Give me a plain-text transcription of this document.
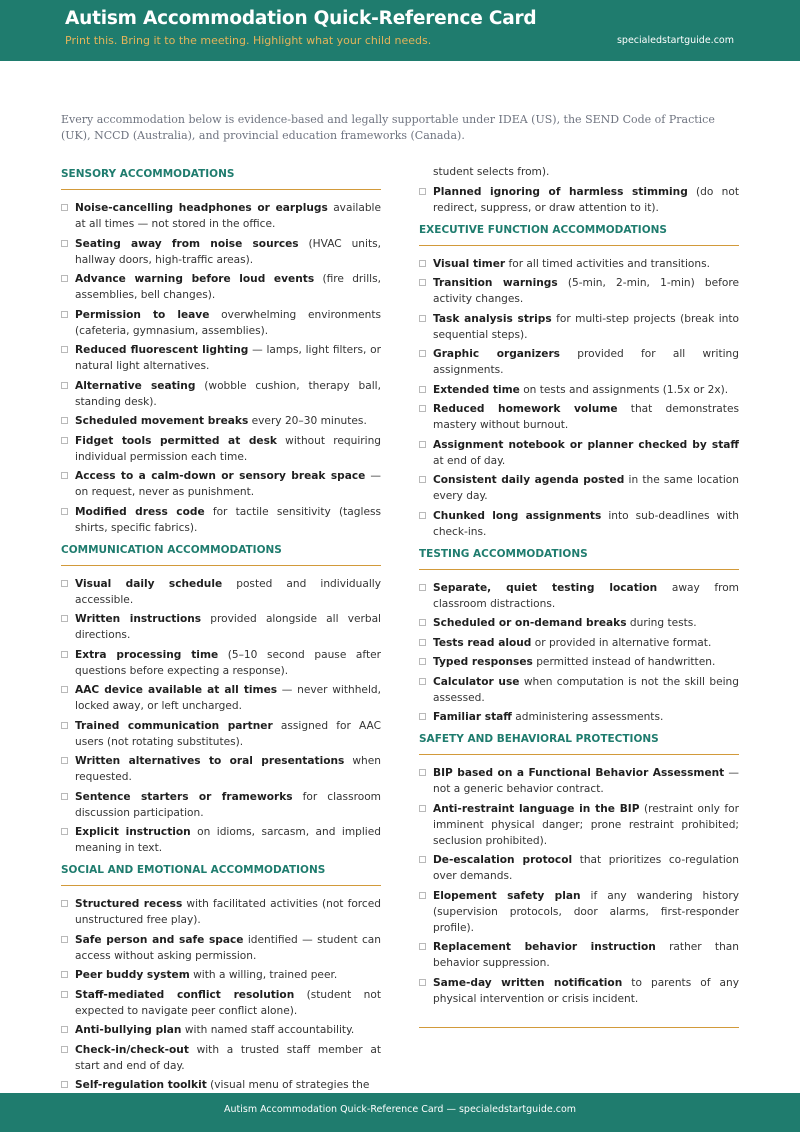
Autism Accommodation Quick-Reference Card
Print this. Bring it to the meeting. Highlight what your child needs.	specialedstartguide.com
Every accommodation below is evidence-based and legally supportable under IDEA (US), the SEND Code of Practice (UK), NCCD (Australia), and provincial education frameworks (Canada).
SENSORY ACCOMMODATIONS
Noise-cancelling headphones or earplugs available at all times — not stored in the office.
Seating away from noise sources (HVAC units, hallway doors, high-traffic areas).
Advance warning before loud events (fire drills, assemblies, bell changes).
Permission to leave overwhelming environments (cafeteria, gymnasium, assemblies).
Reduced fluorescent lighting — lamps, light filters, or natural light alternatives.
Alternative seating (wobble cushion, therapy ball, standing desk).
Scheduled movement breaks every 20–30 minutes.
Fidget tools permitted at desk without requiring individual permission each time.
Access to a calm-down or sensory break space — on request, never as punishment.
Modified dress code for tactile sensitivity (tagless shirts, specific fabrics).
COMMUNICATION ACCOMMODATIONS
Visual daily schedule posted and individually accessible.
Written instructions provided alongside all verbal directions.
Extra processing time (5–10 second pause after questions before expecting a response).
AAC device available at all times — never withheld, locked away, or left uncharged.
Trained communication partner assigned for AAC users (not rotating substitutes).
Written alternatives to oral presentations when requested.
Sentence starters or frameworks for classroom discussion participation.
Explicit instruction on idioms, sarcasm, and implied meaning in text.
SOCIAL AND EMOTIONAL ACCOMMODATIONS
Structured recess with facilitated activities (not forced unstructured free play).
Safe person and safe space identified — student can access without asking permission.
Peer buddy system with a willing, trained peer.
Staff-mediated conflict resolution (student not expected to navigate peer conflict alone).
Anti-bullying plan with named staff accountability.
Check-in/check-out with a trusted staff member at start and end of day.
Self-regulation toolkit (visual menu of strategies the
student selects from).
Planned ignoring of harmless stimming (do not redirect, suppress, or draw attention to it).
EXECUTIVE FUNCTION ACCOMMODATIONS
Visual timer for all timed activities and transitions.
Transition warnings (5-min, 2-min, 1-min) before activity changes.
Task analysis strips for multi-step projects (break into sequential steps).
Graphic organizers provided for all writing assignments.
Extended time on tests and assignments (1.5x or 2x).
Reduced homework volume that demonstrates mastery without burnout.
Assignment notebook or planner checked by staff at end of day.
Consistent daily agenda posted in the same location every day.
Chunked long assignments into sub-deadlines with check-ins.
TESTING ACCOMMODATIONS
Separate, quiet testing location away from classroom distractions.
Scheduled or on-demand breaks during tests.
Tests read aloud or provided in alternative format.
Typed responses permitted instead of handwritten.
Calculator use when computation is not the skill being assessed.
Familiar staff administering assessments.
SAFETY AND BEHAVIORAL PROTECTIONS
BIP based on a Functional Behavior Assessment — not a generic behavior contract.
Anti-restraint language in the BIP (restraint only for imminent physical danger; prone restraint prohibited; seclusion prohibited).
De-escalation protocol that prioritizes co-regulation over demands.
Elopement safety plan if any wandering history (supervision protocols, door alarms, first-responder profile).
Replacement behavior instruction rather than behavior suppression.
Same-day written notification to parents of any physical intervention or crisis incident.
Autism Accommodation Quick-Reference Card — specialedstartguide.com
